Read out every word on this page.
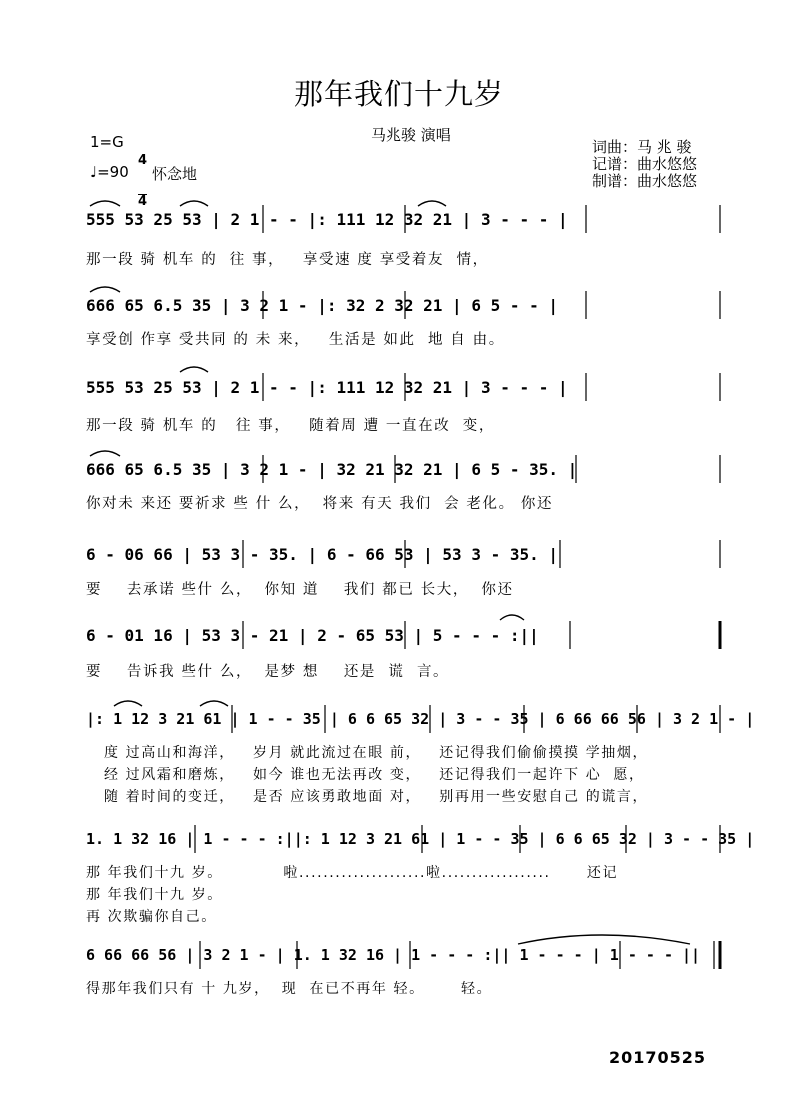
那年我们十九岁
马兆骏 演唱
1=G

4

4

♩=90 怀念地
词曲：马 兆 骏
记谱：曲水悠悠
制谱：曲水悠悠
555 53 25 53 | 2 1 - - |: 111 12 32 21 | 3 - - - |
那一段 骑 机车 的  往 事，   享受速 度 享受着友  情，
666 65 6.5 35 | 3 2 1 - |: 32 2 32 21 | 6 5 - - |
享受创 作享 受共同 的 未 来，   生活是 如此  地 自 由。
555 53 25 53 | 2 1 - - |: 111 12 32 21 | 3 - - - |
那一段 骑 机车 的   往 事，   随着周 遭 一直在改  变，
666 65 6.5 35 | 3 2 1 - | 32 21 32 21 | 6 5 - 35. |
你对未 来还 要祈求 些 什 么，  将来 有天 我们  会 老化。 你还
6 - 06 66 | 53 3 - 35. | 6 - 66 53 | 53 3 - 35. |
要    去承诺 些什 么，  你知 道    我们 都已 长大，  你还
6 - 01 16 | 53 3 - 21 | 2 - 65 53 | 5 - - - :||
要    告诉我 些什 么，  是梦 想    还是  谎  言。
|: 1 12 3 21 61 | 1 - - 35 | 6 6 65 32 | 3 - - 35 | 6 66 66 56 | 3 2 1 - |
度 过高山和海洋，   岁月 就此流过在眼 前，   还记得我们偷偷摸摸 学抽烟，
经 过风霜和磨炼，   如今 谁也无法再改 变，   还记得我们一起许下 心  愿，
随 着时间的变迁，   是否 应该勇敢地面 对，   别再用一些安慰自己 的谎言，
1. 1 32 16 | 1 - - - :||: 1 12 3 21 61 | 1 - - 35 | 6 6 65 32 | 3 - - 35 |
那 年我们十九 岁。          啦.....................啦..................      还记
那 年我们十九 岁。
再 次欺骗你自己。
6 66 66 56 | 3 2 1 - | 1. 1 32 16 | 1 - - - :|| 1 - - - | 1 - - - ||
得那年我们只有 十 九岁，  现  在已不再年 轻。      轻。
20170525
